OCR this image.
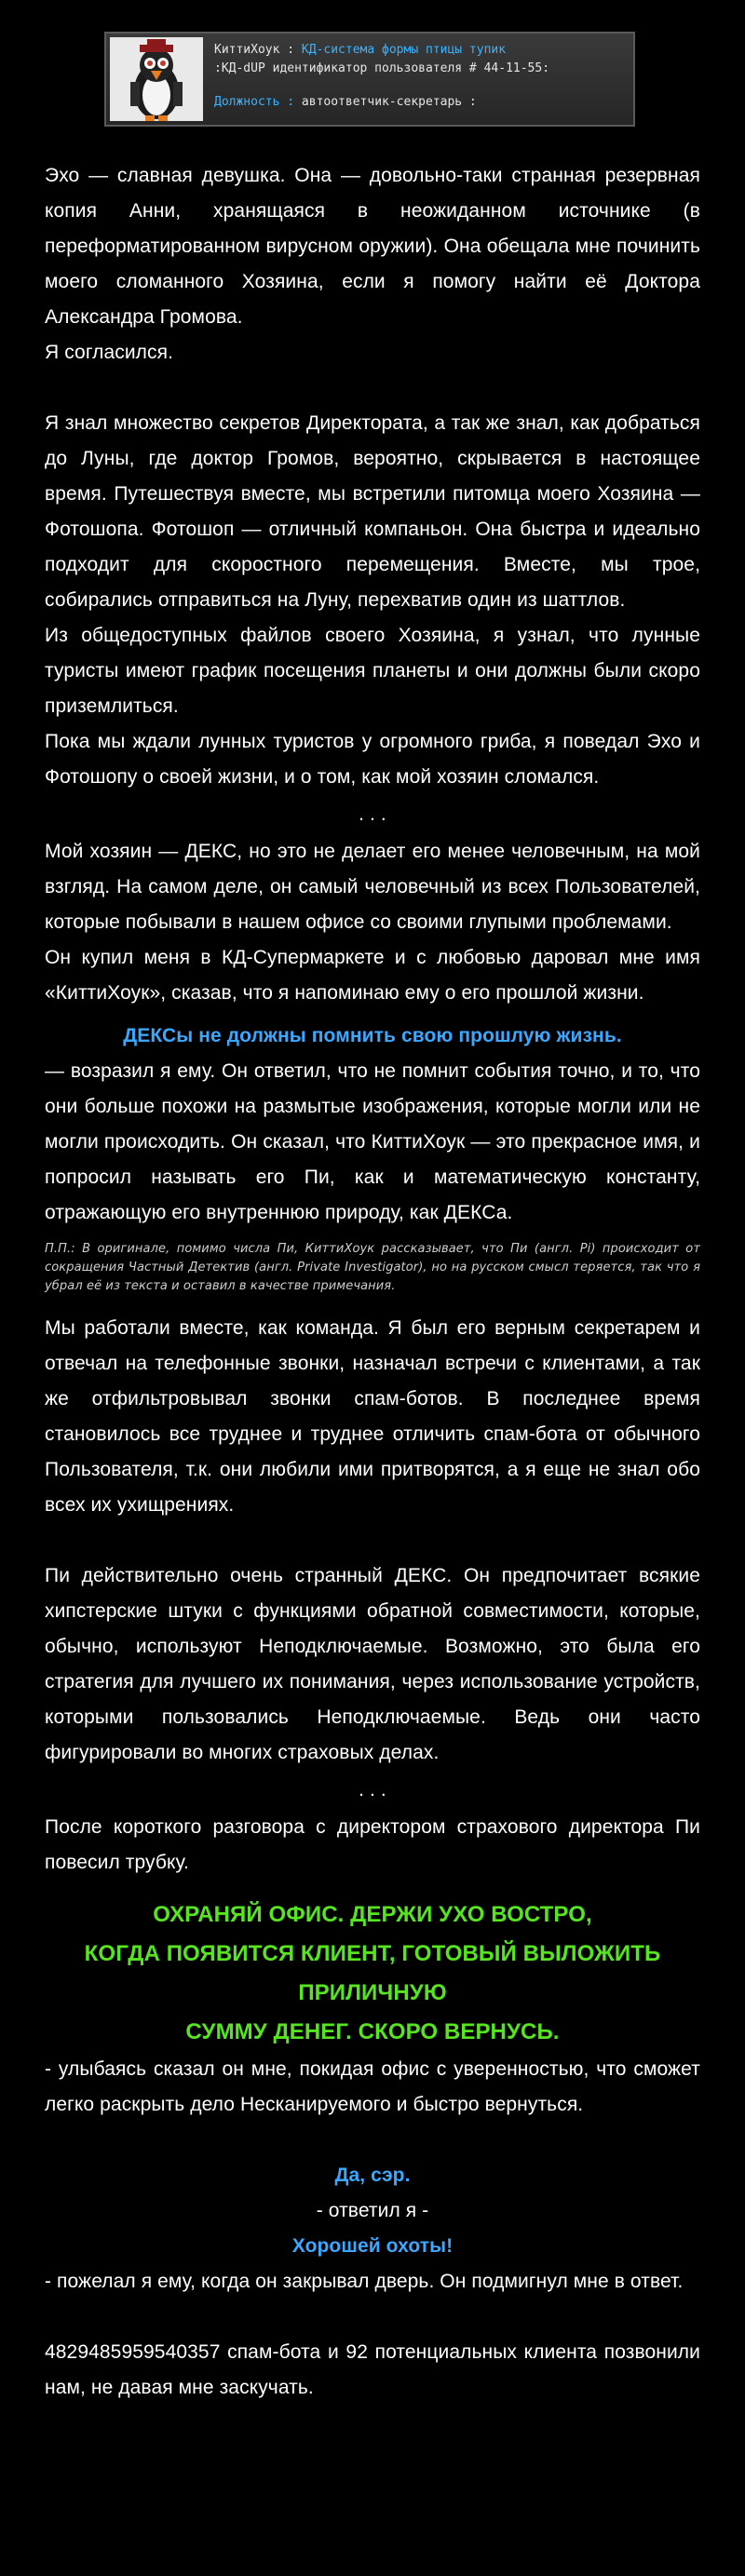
КиттиХоук : КД-система формы птицы тупик
:КД-dUP идентификатор пользователя # 44-11-55:
Должность : автоответчик-секретарь :

Эхо — славная девушка. Она — довольно-таки странная резервная копия Анни, хранящаяся в неожиданном источнике (в переформатированном вирусном оружии). Она обещала мне починить моего сломанного Хозяина, если я помогу найти её Доктора Александра Громова.

Я согласился.

Я знал множество секретов Директората, а так же знал, как добраться до Луны, где доктор Громов, вероятно, скрывается в настоящее время. Путешествуя вместе, мы встретили питомца моего Хозяина — Фотошопа. Фотошоп — отличный компаньон. Она быстра и идеально подходит для скоростного перемещения. Вместе, мы трое, собирались отправиться на Луну, перехватив один из шаттлов.

Из общедоступных файлов своего Хозяина, я узнал, что лунные туристы имеют график посещения планеты и они должны были скоро приземлиться.

Пока мы ждали лунных туристов у огромного гриба, я поведал Эхо и Фотошопу о своей жизни, и о том, как мой хозяин сломался.

. . .

Мой хозяин — ДЕКС, но это не делает его менее человечным, на мой взгляд. На самом деле, он самый человечный из всех Пользователей, которые побывали в нашем офисе со своими глупыми проблемами.

Он купил меня в КД-Супермаркете и с любовью даровал мне имя «КиттиХоук», сказав, что я напоминаю ему о его прошлой жизни.

ДЕКСы не должны помнить свою прошлую жизнь.

— возразил я ему. Он ответил, что не помнит события точно, и то, что они больше похожи на размытые изображения, которые могли или не могли происходить. Он сказал, что КиттиХоук — это прекрасное имя, и попросил называть его Пи, как и математическую константу, отражающую его внутреннюю природу, как ДЕКСа.

П.П.: В оригинале, помимо числа Пи, КиттиХоук рассказывает, что Пи (англ. Pi) происходит от сокращения Частный Детектив (англ. Private Investigator), но на русском смысл теряется, так что я убрал её из текста и оставил в качестве примечания.

Мы работали вместе, как команда. Я был его верным секретарем и отвечал на телефонные звонки, назначал встречи с клиентами, а так же отфильтровывал звонки спам-ботов. В последнее время становилось все труднее и труднее отличить спам-бота от обычного Пользователя, т.к. они любили ими притворятся, а я еще не знал обо всех их ухищрениях.

Пи действительно очень странный ДЕКС. Он предпочитает всякие хипстерские штуки с функциями обратной совместимости, которые, обычно, используют Неподключаемые. Возможно, это была его стратегия для лучшего их понимания, через использование устройств, которыми пользовались Неподключаемые. Ведь они часто фигурировали во многих страховых делах.

. . .

После короткого разговора с директором страхового директора Пи повесил трубку.

ОХРАНЯЙ ОФИС. ДЕРЖИ УХО ВОСТРО,
КОГДА ПОЯВИТСЯ КЛИЕНТ, ГОТОВЫЙ ВЫЛОЖИТЬ ПРИЛИЧНУЮ
СУММУ ДЕНЕГ. СКОРО ВЕРНУСЬ.

- улыбаясь сказал он мне, покидая офис с уверенностью, что сможет легко раскрыть дело Несканируемого и быстро вернуться.

Да, сэр.
- ответил я -
Хорошей охоты!

- пожелал я ему, когда он закрывал дверь. Он подмигнул мне в ответ.

4829485959540357 спам-бота и 92 потенциальных клиента позвонили нам, не давая мне заскучать.
